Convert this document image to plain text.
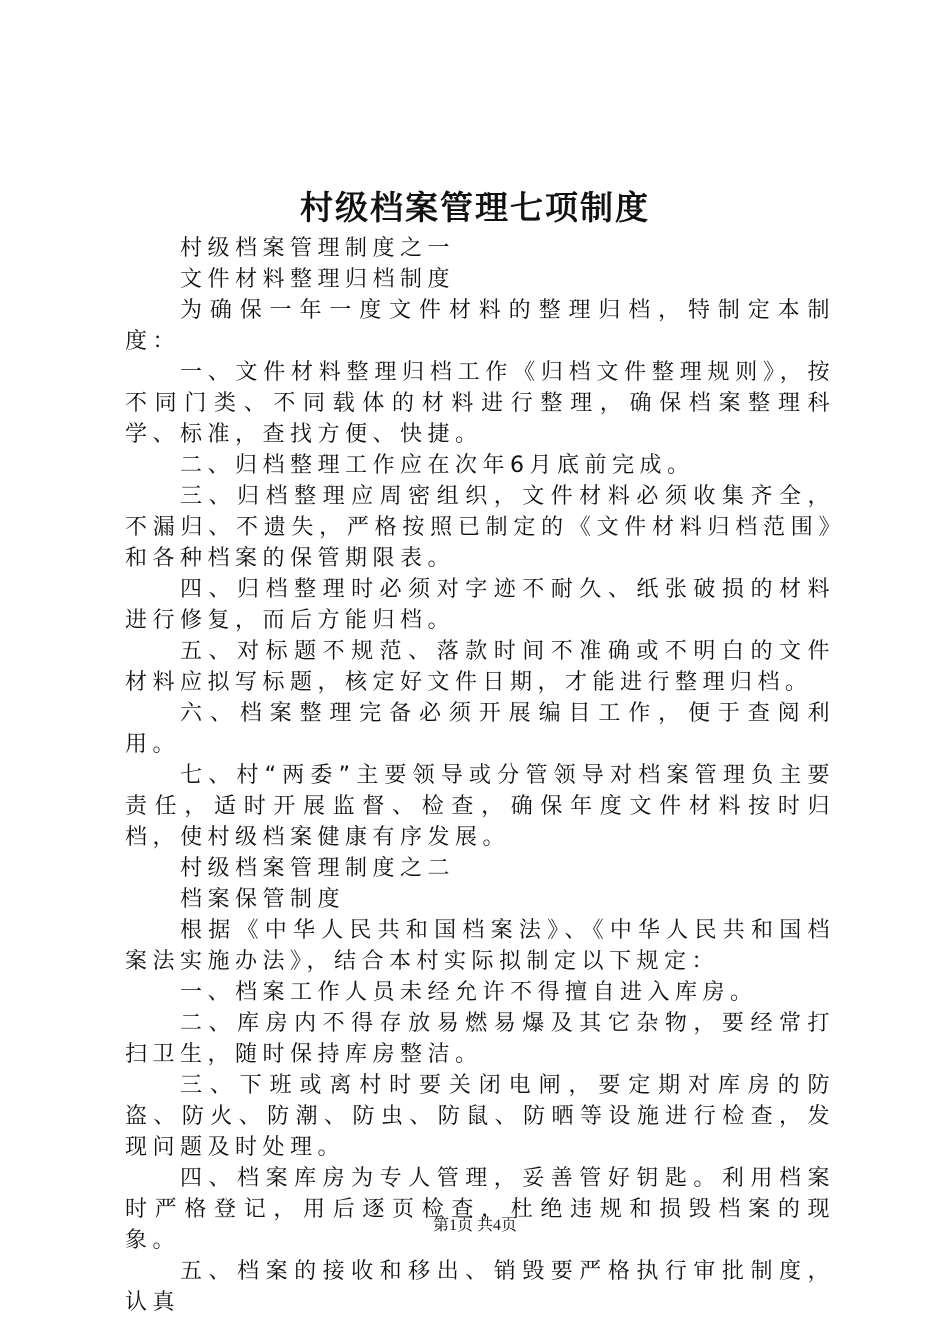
村级档案管理七项制度

村级档案管理制度之一

文件材料整理归档制度

为确保一年一度文件材料的整理归档，特制定本制度：

一、文件材料整理归档工作《归档文件整理规则》，按不同门类、不同载体的材料进行整理，确保档案整理科学、标准，查找方便、快捷。

二、归档整理工作应在次年6月底前完成。

三、归档整理应周密组织，文件材料必须收集齐全，不漏归、不遗失，严格按照已制定的《文件材料归档范围》和各种档案的保管期限表。

四、归档整理时必须对字迹不耐久、纸张破损的材料进行修复，而后方能归档。

五、对标题不规范、落款时间不准确或不明白的文件材料应拟写标题，核定好文件日期，才能进行整理归档。

六、档案整理完备必须开展编目工作，便于查阅利用。

七、村“两委”主要领导或分管领导对档案管理负主要责任，适时开展监督、检查，确保年度文件材料按时归档，使村级档案健康有序发展。

村级档案管理制度之二

档案保管制度

根据《中华人民共和国档案法》、《中华人民共和国档案法实施办法》，结合本村实际拟制定以下规定：

一、档案工作人员未经允许不得擅自进入库房。

二、库房内不得存放易燃易爆及其它杂物，要经常打扫卫生，随时保持库房整洁。

三、下班或离村时要关闭电闸，要定期对库房的防盗、防火、防潮、防虫、防鼠、防晒等设施进行检查，发现问题及时处理。

四、档案库房为专人管理，妥善管好钥匙。利用档案时严格登记，用后逐页检查，杜绝违规和损毁档案的现象。

五、档案的接收和移出、销毁要严格执行审批制度，认真

第1页 共4页
